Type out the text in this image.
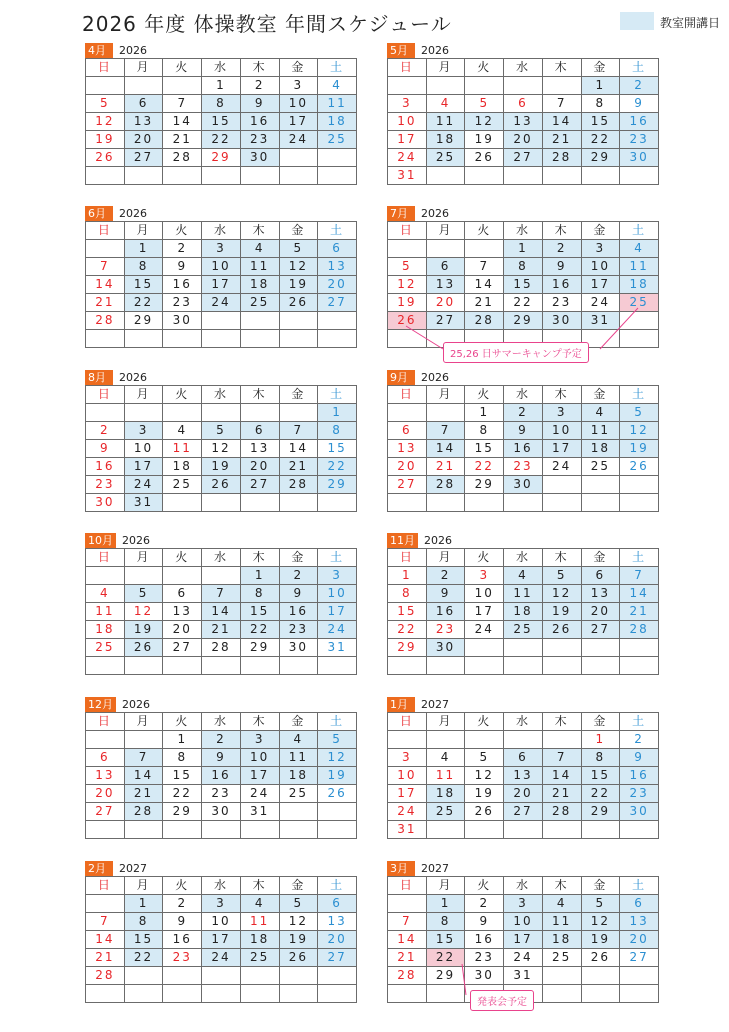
2026 年度 体操教室 年間スケジュール	教室開講日
4月	2026
日	月	火	水	木	金	土
			1	2	3	4
5	6	7	8	9	10	11
12	13	14	15	16	17	18
19	20	21	22	23	24	25
26	27	28	29	30		

5月	2026
日	月	火	水	木	金	土
					1	2
3	4	5	6	7	8	9
10	11	12	13	14	15	16
17	18	19	20	21	22	23
24	25	26	27	28	29	30
31						
6月	2026
日	月	火	水	木	金	土
	1	2	3	4	5	6
7	8	9	10	11	12	13
14	15	16	17	18	19	20
21	22	23	24	25	26	27
28	29	30				

7月	2026
日	月	火	水	木	金	土
			1	2	3	4
5	6	7	8	9	10	11
12	13	14	15	16	17	18
19	20	21	22	23	24	25
26	27	28	29	30	31	

8月	2026
日	月	火	水	木	金	土
						1
2	3	4	5	6	7	8
9	10	11	12	13	14	15
16	17	18	19	20	21	22
23	24	25	26	27	28	29
30	31					
9月	2026
日	月	火	水	木	金	土
		1	2	3	4	5
6	7	8	9	10	11	12
13	14	15	16	17	18	19
20	21	22	23	24	25	26
27	28	29	30			

10月 2026
日	月	火	水	木	金	土
				1	2	3
4	5	6	7	8	9	10
11	12	13	14	15	16	17
18	19	20	21	22	23	24
25	26	27	28	29	30	31

11月 2026
日	月	火	水	木	金	土
1	2	3	4	5	6	7
8	9	10	11	12	13	14
15	16	17	18	19	20	21
22	23	24	25	26	27	28
29	30					

12月 2026
日	月	火	水	木	金	土
		1	2	3	4	5
6	7	8	9	10	11	12
13	14	15	16	17	18	19
20	21	22	23	24	25	26
27	28	29	30	31		

1月	2027
日	月	火	水	木	金	土
					1	2
3	4	5	6	7	8	9
10	11	12	13	14	15	16
17	18	19	20	21	22	23
24	25	26	27	28	29	30
31						
2月	2027
日	月	火	水	木	金	土
	1	2	3	4	5	6
7	8	9	10	11	12	13
14	15	16	17	18	19	20
21	22	23	24	25	26	27
28						

3月	2027
日	月	火	水	木	金	土
	1	2	3	4	5	6
7	8	9	10	11	12	13
14	15	16	17	18	19	20
21	22	23	24	25	26	27
28	29	30	31			

25,26 日サマーキャンプ予定
発表会予定
